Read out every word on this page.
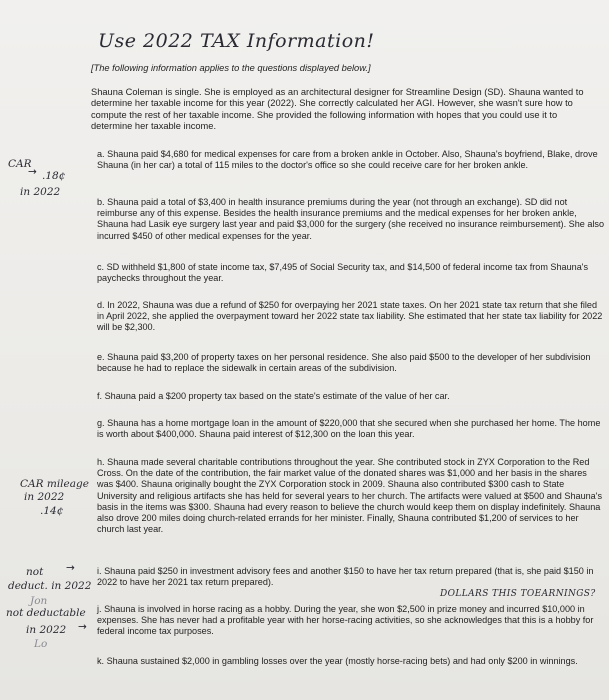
Use 2022 TAX Information!
[The following information applies to the questions displayed below.]
Shauna Coleman is single. She is employed as an architectural designer for Streamline Design (SD). Shauna wanted to determine her taxable income for this year (2022). She correctly calculated her AGI. However, she wasn't sure how to compute the rest of her taxable income. She provided the following information with hopes that you could use it to determine her taxable income.
a. Shauna paid $4,680 for medical expenses for care from a broken ankle in October. Also, Shauna's boyfriend, Blake, drove Shauna (in her car) a total of 115 miles to the doctor's office so she could receive care for her broken ankle.
b. Shauna paid a total of $3,400 in health insurance premiums during the year (not through an exchange). SD did not reimburse any of this expense. Besides the health insurance premiums and the medical expenses for her broken ankle, Shauna had Lasik eye surgery last year and paid $3,000 for the surgery (she received no insurance reimbursement). She also incurred $450 of other medical expenses for the year.
c. SD withheld $1,800 of state income tax, $7,495 of Social Security tax, and $14,500 of federal income tax from Shauna's paychecks throughout the year.
d. In 2022, Shauna was due a refund of $250 for overpaying her 2021 state taxes. On her 2021 state tax return that she filed in April 2022, she applied the overpayment toward her 2022 state tax liability. She estimated that her state tax liability for 2022 will be $2,300.
e. Shauna paid $3,200 of property taxes on her personal residence. She also paid $500 to the developer of her subdivision because he had to replace the sidewalk in certain areas of the subdivision.
f. Shauna paid a $200 property tax based on the state's estimate of the value of her car.
g. Shauna has a home mortgage loan in the amount of $220,000 that she secured when she purchased her home. The home is worth about $400,000. Shauna paid interest of $12,300 on the loan this year.
h. Shauna made several charitable contributions throughout the year. She contributed stock in ZYX Corporation to the Red Cross. On the date of the contribution, the fair market value of the donated shares was $1,000 and her basis in the shares was $400. Shauna originally bought the ZYX Corporation stock in 2009. Shauna also contributed $300 cash to State University and religious artifacts she has held for several years to her church. The artifacts were valued at $500 and Shauna's basis in the items was $300. Shauna had every reason to believe the church would keep them on display indefinitely. Shauna also drove 200 miles doing church-related errands for her minister. Finally, Shauna contributed $1,200 of services to her church last year.
i. Shauna paid $250 in investment advisory fees and another $150 to have her tax return prepared (that is, she paid $150 in 2022 to have her 2021 tax return prepared).
j. Shauna is involved in horse racing as a hobby. During the year, she won $2,500 in prize money and incurred $10,000 in expenses. She has never had a profitable year with her horse-racing activities, so she acknowledges that this is a hobby for federal income tax purposes.
k. Shauna sustained $2,000 in gambling losses over the year (mostly horse-racing bets) and had only $200 in winnings.
CAR
→ .18¢
in 2022
CAR mileage
in 2022
.14¢
not →
deduct. in 2022
Jon
not deductable
in 2022 →
Lo
DOLLARS THIS TOEARNINGS?
